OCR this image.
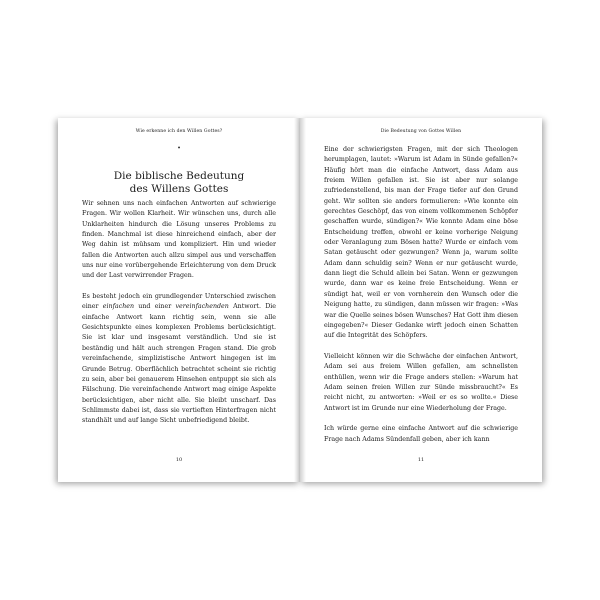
Wie erkenne ich den Willen Gottes?
•
Die biblische Bedeutung
des Willens Gottes

Wir sehnen uns nach einfachen Antworten auf schwierige Fragen. Wir wollen Klarheit. Wir wünschen uns, durch alle Unklarheiten hindurch die Lösung unseres Problems zu finden. Manchmal ist diese hinreichend einfach, aber der Weg dahin ist mühsam und kompliziert. Hin und wieder fallen die Antworten auch allzu simpel aus und verschaffen uns nur eine vorübergehende Erleichterung von dem Druck und der Last verwirrender Fragen.

Es besteht jedoch ein grundlegender Unterschied zwischen einer einfachen und einer vereinfachenden Antwort. Die einfache Antwort kann richtig sein, wenn sie alle Gesichtspunkte eines komplexen Problems berücksichtigt. Sie ist klar und insgesamt verständlich. Und sie ist beständig und hält auch strengen Fragen stand. Die grob vereinfachende, simplizistische Antwort hingegen ist im Grunde Betrug. Oberflächlich betrachtet scheint sie richtig zu sein, aber bei genauerem Hinsehen entpuppt sie sich als Fälschung. Die vereinfachende Antwort mag einige Aspekte berücksichtigen, aber nicht alle. Sie bleibt unscharf. Das Schlimmste dabei ist, dass sie vertieften Hinterfragen nicht standhält und auf lange Sicht unbefriedigend bleibt.

10
Die Bedeutung von Gottes Willen

Eine der schwierigsten Fragen, mit der sich Theologen herumplagen, lautet: »Warum ist Adam in Sünde gefallen?« Häufig hört man die einfache Antwort, dass Adam aus freiem Willen gefallen ist. Sie ist aber nur solange zufriedenstellend, bis man der Frage tiefer auf den Grund geht. Wir sollten sie anders formulieren: »Wie konnte ein gerechtes Geschöpf, das von einem vollkommenen Schöpfer geschaffen wurde, sündigen?« Wie konnte Adam eine böse Entscheidung treffen, obwohl er keine vorherige Neigung oder Veranlagung zum Bösen hatte? Wurde er einfach vom Satan getäuscht oder gezwungen? Wenn ja, warum sollte Adam dann schuldig sein? Wenn er nur getäuscht wurde, dann liegt die Schuld allein bei Satan. Wenn er gezwungen wurde, dann war es keine freie Entscheidung. Wenn er sündigt hat, weil er von vornherein den Wunsch oder die Neigung hatte, zu sündigen, dann müssen wir fragen: »Was war die Quelle seines bösen Wunsches? Hat Gott ihm diesen eingegeben?« Dieser Gedanke wirft jedoch einen Schatten auf die Integrität des Schöpfers.

Vielleicht können wir die Schwäche der einfachen Antwort, Adam sei aus freiem Willen gefallen, am schnellsten enthüllen, wenn wir die Frage anders stellen: »Warum hat Adam seinen freien Willen zur Sünde missbraucht?« Es reicht nicht, zu antworten: »Weil er es so wollte.« Diese Antwort ist im Grunde nur eine Wiederholung der Frage.

Ich würde gerne eine einfache Antwort auf die schwierige Frage nach Adams Sündenfall geben, aber ich kann

11
